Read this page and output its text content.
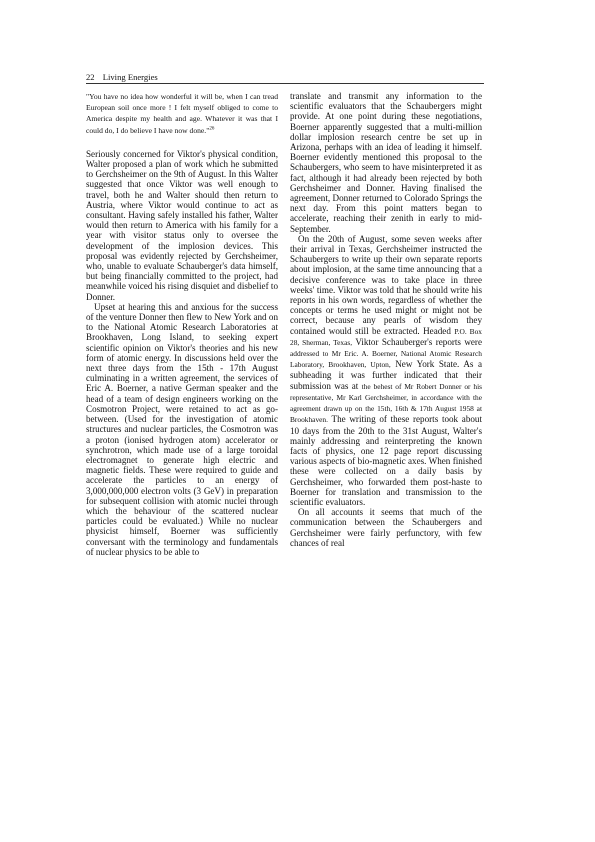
22 Living Energies

"You have no idea how wonderful it will be, when I can tread European soil once more ! I felt myself obliged to come to America despite my health and age. Whatever it was that I could do, I do believe I have now done."$^{26}$

Seriously concerned for Viktor's physical condition, Walter proposed a plan of work which he submitted to Gerchsheimer on the 9th of August. In this Walter suggested that once Viktor was well enough to travel, both he and Walter should then return to Austria, where Viktor would continue to act as consultant. Having safely installed his father, Walter would then return to America with his family for a year with visitor status only to oversee the development of the implosion devices. This proposal was evidently rejected by Gerchsheimer, who, unable to evaluate Schauberger's data himself, but being financially committed to the project, had meanwhile voiced his rising disquiet and disbelief to Donner.

Upset at hearing this and anxious for the success of the venture Donner then flew to New York and on to the National Atomic Research Laboratories at Brookhaven, Long Island, to seeking expert scientific opinion on Viktor's theories and his new form of atomic energy. In discussions held over the next three days from the 15th - 17th August culminating in a written agreement, the services of Eric A. Boerner, a native German speaker and the head of a team of design engineers working on the Cosmotron Project, were retained to act as go-between. (Used for the investigation of atomic structures and nuclear particles, the Cosmotron was a proton (ionised hydrogen atom) accelerator or synchrotron, which made use of a large toroidal electromagnet to generate high electric and magnetic fields. These were required to guide and accelerate the particles to an energy of 3,000,000,000 electron volts (3 GeV) in preparation for subsequent collision with atomic nuclei through which the behaviour of the scattered nuclear particles could be evaluated.) While no nuclear physicist himself, Boerner was sufficiently conversant with the terminology and fundamentals of nuclear physics to be able to

translate and transmit any information to the scientific evaluators that the Schaubergers might provide. At one point during these negotiations, Boerner apparently suggested that a multi-million dollar implosion research centre be set up in Arizona, perhaps with an idea of leading it himself. Boerner evidently mentioned this proposal to the Schaubergers, who seem to have misinterpreted it as fact, although it had already been rejected by both Gerchsheimer and Donner. Having finalised the agreement, Donner returned to Colorado Springs the next day. From this point matters began to accelerate, reaching their zenith in early to mid-September.

On the 20th of August, some seven weeks after their arrival in Texas, Gerchsheimer instructed the Schaubergers to write up their own separate reports about implosion, at the same time announcing that a decisive conference was to take place in three weeks' time. Viktor was told that he should write his reports in his own words, regardless of whether the concepts or terms he used might or might not be correct, because any pearls of wisdom they contained would still be extracted. Headed P.O. Box 28, Sherman, Texas, Viktor Schauberger's reports were addressed to Mr Eric. A. Boerner, National Atomic Research Laboratory, Brookhaven, Upton, New York State. As a subheading it was further indicated that their submission was at the behest of Mr Robert Donner or his representative, Mr Karl Gerchsheimer, in accordance with the agreement drawn up on the 15th, 16th & 17th August 1958 at Brookhaven. The writing of these reports took about 10 days from the 20th to the 31st August, Walter's mainly addressing and reinterpreting the known facts of physics, one 12 page report discussing various aspects of bio-magnetic axes. When finished these were collected on a daily basis by Gerchsheimer, who forwarded them post-haste to Boerner for translation and transmission to the scientific evaluators.

On all accounts it seems that much of the communication between the Schaubergers and Gerchsheimer were fairly perfunctory, with few chances of real
